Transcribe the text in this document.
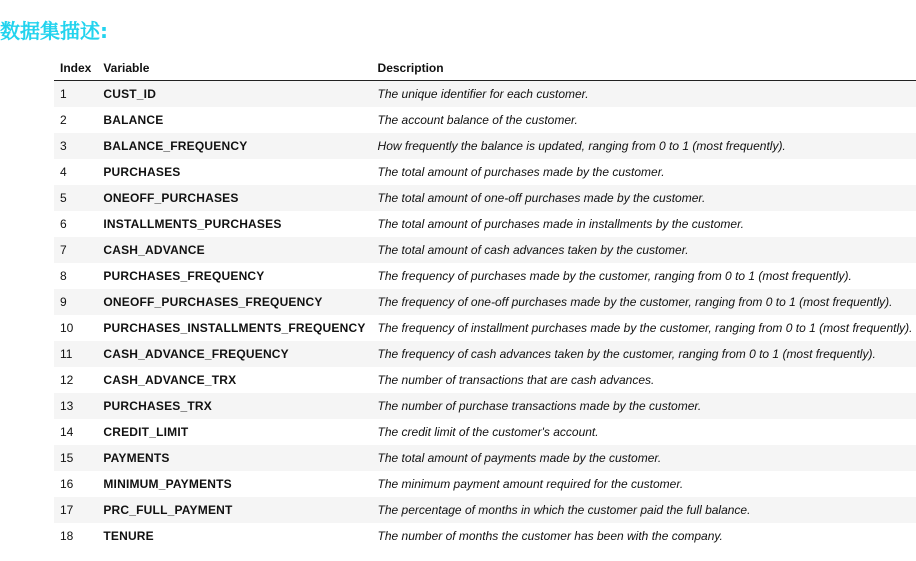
数据集描述:
Index	Variable	Description
1	CUST_ID	The unique identifier for each customer.
2	BALANCE	The account balance of the customer.
3	BALANCE_FREQUENCY	How frequently the balance is updated, ranging from 0 to 1 (most frequently).
4	PURCHASES	The total amount of purchases made by the customer.
5	ONEOFF_PURCHASES	The total amount of one-off purchases made by the customer.
6	INSTALLMENTS_PURCHASES	The total amount of purchases made in installments by the customer.
7	CASH_ADVANCE	The total amount of cash advances taken by the customer.
8	PURCHASES_FREQUENCY	The frequency of purchases made by the customer, ranging from 0 to 1 (most frequently).
9	ONEOFF_PURCHASES_FREQUENCY	The frequency of one-off purchases made by the customer, ranging from 0 to 1 (most frequently).
10	PURCHASES_INSTALLMENTS_FREQUENCY	The frequency of installment purchases made by the customer, ranging from 0 to 1 (most frequently).
11	CASH_ADVANCE_FREQUENCY	The frequency of cash advances taken by the customer, ranging from 0 to 1 (most frequently).
12	CASH_ADVANCE_TRX	The number of transactions that are cash advances.
13	PURCHASES_TRX	The number of purchase transactions made by the customer.
14	CREDIT_LIMIT	The credit limit of the customer's account.
15	PAYMENTS	The total amount of payments made by the customer.
16	MINIMUM_PAYMENTS	The minimum payment amount required for the customer.
17	PRC_FULL_PAYMENT	The percentage of months in which the customer paid the full balance.
18	TENURE	The number of months the customer has been with the company.
